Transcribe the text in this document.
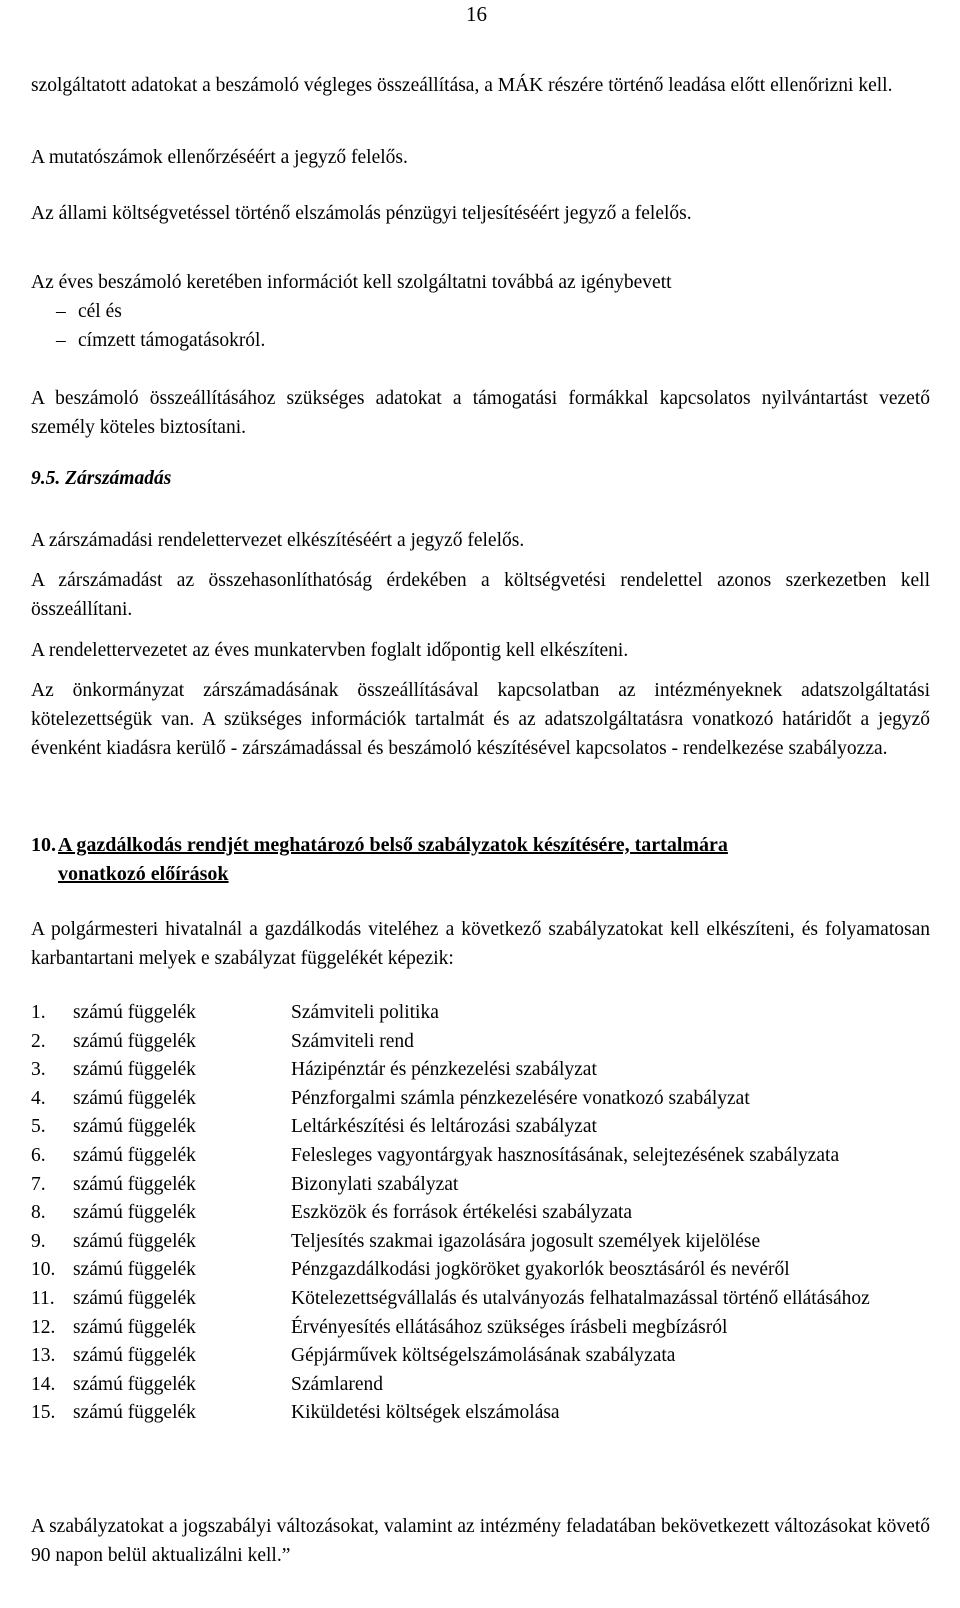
16

szolgáltatott adatokat a beszámoló végleges összeállítása, a MÁK részére történő leadása előtt ellenőrizni kell.

A mutatószámok ellenőrzéséért a jegyző felelős.

Az állami költségvetéssel történő elszámolás pénzügyi teljesítéséért jegyző a felelős.

Az éves beszámoló keretében információt kell szolgáltatni továbbá az igénybevett

– cél és
– címzett támogatásokról.

A beszámoló összeállításához szükséges adatokat a támogatási formákkal kapcsolatos nyilvántartást vezető személy köteles biztosítani.

9.5. Zárszámadás

A zárszámadási rendelettervezet elkészítéséért a jegyző felelős.

A zárszámadást az összehasonlíthatóság érdekében a költségvetési rendelettel azonos szerkezetben kell összeállítani.

A rendelettervezetet az éves munkatervben foglalt időpontig kell elkészíteni.

Az önkormányzat zárszámadásának összeállításával kapcsolatban az intézményeknek adatszolgáltatási kötelezettségük van. A szükséges információk tartalmát és az adatszolgáltatásra vonatkozó határidőt a jegyző évenként kiadásra kerülő - zárszámadással és beszámoló készítésével kapcsolatos - rendelkezése szabályozza.

10. A gazdálkodás rendjét meghatározó belső szabályzatok készítésére, tartalmára
vonatkozó előírások

A polgármesteri hivatalnál a gazdálkodás viteléhez a következő szabályzatokat kell elkészíteni, és folyamatosan karbantartani melyek e szabályzat függelékét képezik:

1.	számú függelék	Számviteli politika
2.	számú függelék	Számviteli rend
3.	számú függelék	Házipénztár és pénzkezelési szabályzat
4.	számú függelék	Pénzforgalmi számla pénzkezelésére vonatkozó szabályzat
5.	számú függelék	Leltárkészítési és leltározási szabályzat
6.	számú függelék	Felesleges vagyontárgyak hasznosításának, selejtezésének szabályzata
7.	számú függelék	Bizonylati szabályzat
8.	számú függelék	Eszközök és források értékelési szabályzata
9.	számú függelék	Teljesítés szakmai igazolására jogosult személyek kijelölése
10. számú függelék	Pénzgazdálkodási jogköröket gyakorlók beosztásáról és nevéről
11. számú függelék	Kötelezettségvállalás és utalványozás felhatalmazással történő ellátásához
12. számú függelék	Érvényesítés ellátásához szükséges írásbeli megbízásról
13. számú függelék	Gépjárművek költségelszámolásának szabályzata
14. számú függelék	Számlarend
15. számú függelék	Kiküldetési költségek elszámolása

A szabályzatokat a jogszabályi változásokat, valamint az intézmény feladatában bekövetkezett változásokat követő 90 napon belül aktualizálni kell.”
